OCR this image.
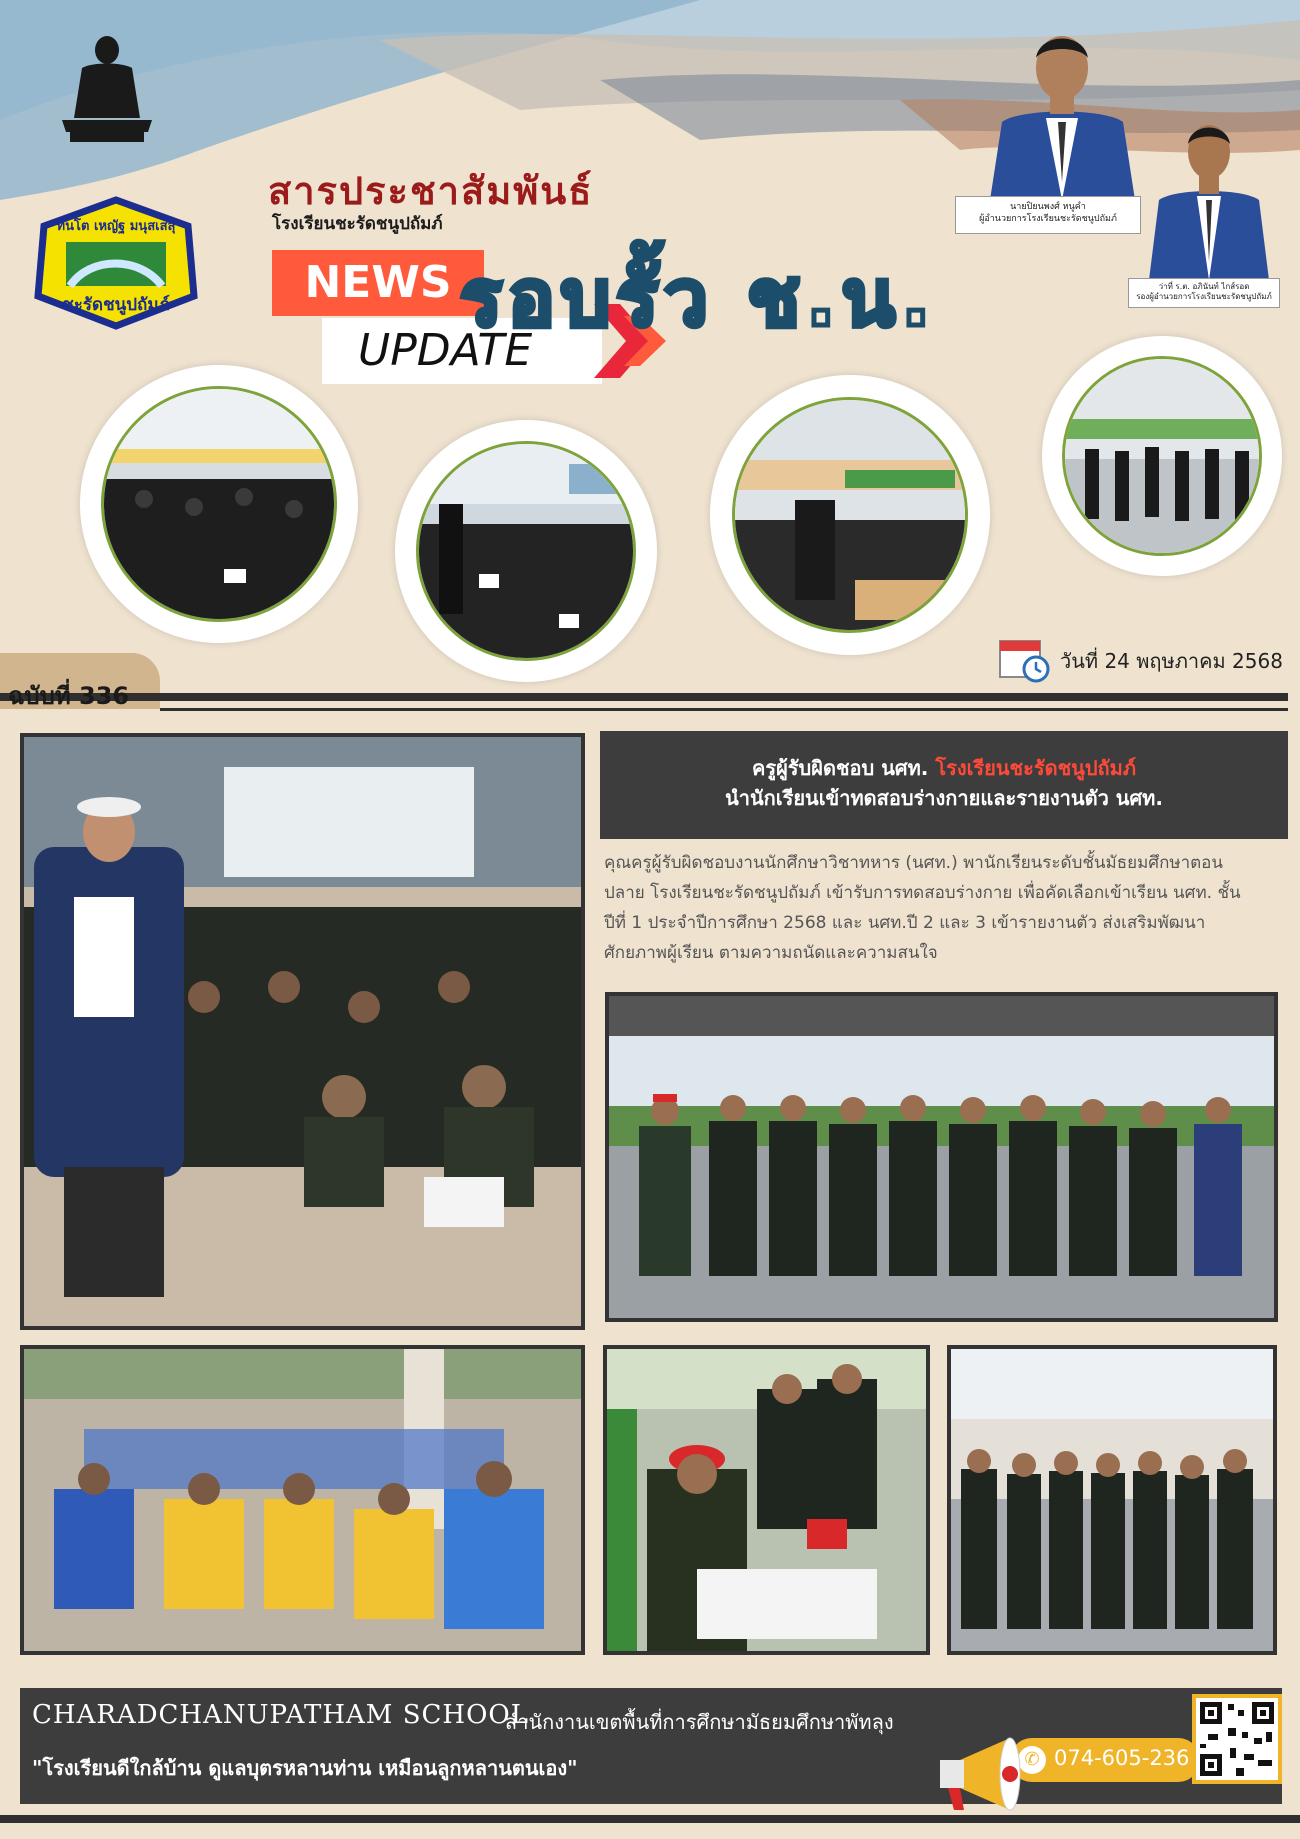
ทนโต เหญัฐ มนุสเสสุ
ชะรัดชนูปถัมภ์
สารประชาสัมพันธ์
โรงเรียนชะรัดชนูปถัมภ์
NEWS
UPDATE
รอบรั้ว ช.น.
นายปิยนพงศ์ หนูคำ
ผู้อำนวยการโรงเรียนชะรัดชนูปถัมภ์
ว่าที่ ร.ต. อภินันท์ ไกส์รอด
รองผู้อำนวยการโรงเรียนชะรัดชนูปถัมภ์
วันที่ 24 พฤษภาคม 2568
ฉบับที่ 336
ครูผู้รับผิดชอบ นศท. โรงเรียนชะรัดชนูปถัมภ์
นำนักเรียนเข้าทดสอบร่างกายและรายงานตัว นศท.
คุณครูผู้รับผิดชอบงานนักศึกษาวิชาทหาร (นศท.) พานักเรียนระดับชั้นมัธยมศึกษาตอนปลาย โรงเรียนชะรัดชนูปถัมภ์ เข้ารับการทดสอบร่างกาย เพื่อคัดเลือกเข้าเรียน นศท. ชั้นปีที่ 1 ประจำปีการศึกษา 2568 และ นศท.ปี 2 และ 3 เข้ารายงานตัว ส่งเสริมพัฒนาศักยภาพผู้เรียน ตามความถนัดและความสนใจ
CHARADCHANUPATHAM SCHOOL
สำนักงานเขตพื้นที่การศึกษามัธยมศึกษาพัทลุง
"โรงเรียนดีใกล้บ้าน ดูแลบุตรหลานท่าน เหมือนลูกหลานตนเอง"	✆ 074-605-236
